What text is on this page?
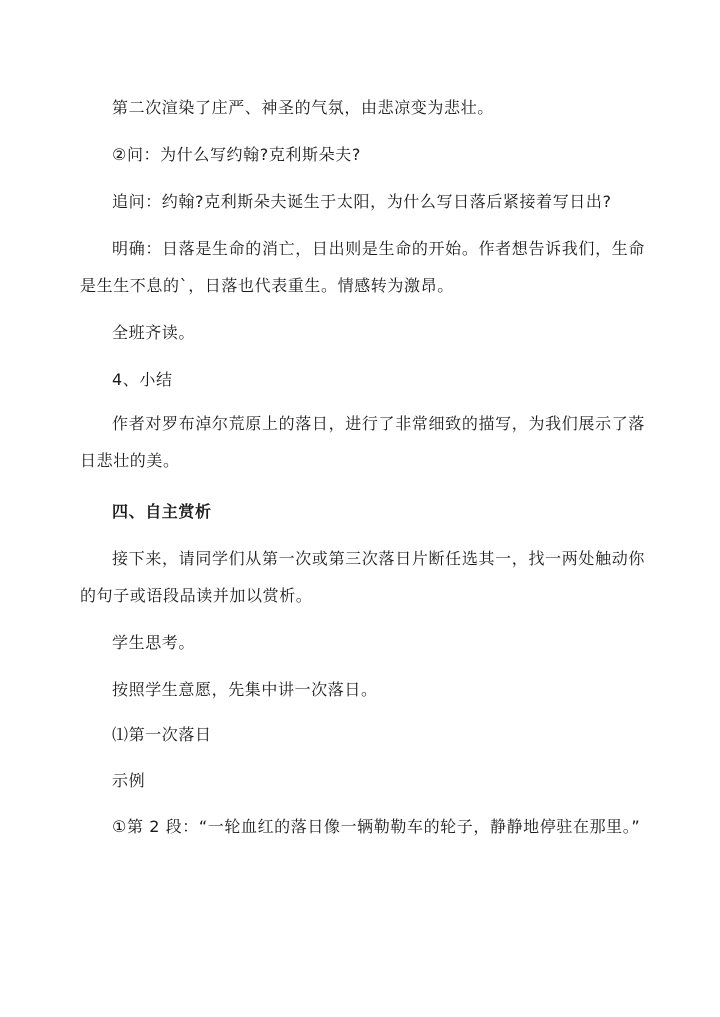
第二次渲染了庄严、神圣的气氛，由悲凉变为悲壮。

②问：为什么写约翰?克利斯朵夫?

追问：约翰?克利斯朵夫诞生于太阳，为什么写日落后紧接着写日出?

明确：日落是生命的消亡，日出则是生命的开始。作者想告诉我们，生命是生生不息的`，日落也代表重生。情感转为激昂。

全班齐读。

4、小结

作者对罗布淖尔荒原上的落日，进行了非常细致的描写，为我们展示了落日悲壮的美。

四、自主赏析

接下来，请同学们从第一次或第三次落日片断任选其一，找一两处触动你的句子或语段品读并加以赏析。

学生思考。

按照学生意愿，先集中讲一次落日。

⑴第一次落日

示例

①第 2 段：“一轮血红的落日像一辆勒勒车的轮子，静静地停驻在那里。”
